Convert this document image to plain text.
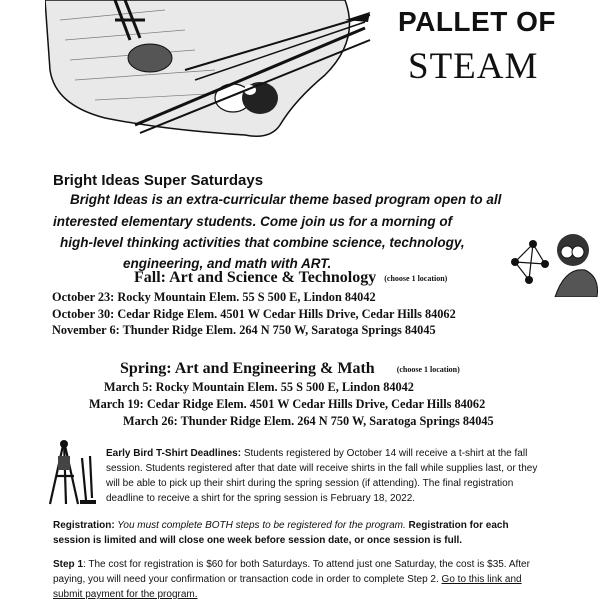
PALLET OF
STEAM
Bright Ideas Super Saturdays
Bright Ideas is an extra-curricular theme based program open to all
interested elementary students. Come join us for a morning of
high-level thinking activities that combine science, technology,
engineering, and math with ART.
Fall: Art and Science & Technology (choose 1 location)
October 23: Rocky Mountain Elem. 55 S 500 E, Lindon 84042
October 30: Cedar Ridge Elem. 4501 W Cedar Hills Drive, Cedar Hills 84062
November 6: Thunder Ridge Elem. 264 N 750 W, Saratoga Springs 84045
Spring: Art and Engineering & Math	(choose 1 location)
March 5: Rocky Mountain Elem. 55 S 500 E, Lindon 84042
March 19: Cedar Ridge Elem. 4501 W Cedar Hills Drive, Cedar Hills 84062
March 26: Thunder Ridge Elem. 264 N 750 W, Saratoga Springs 84045
Early Bird T-Shirt Deadlines: Students registered by October 14 will receive a t-shirt at the fall
session. Students registered after that date will receive shirts in the fall while supplies last, or they
will be able to pick up their shirt during the spring session (if attending). The final registration
deadline to receive a shirt for the spring session is February 18, 2022.
Registration: You must complete BOTH steps to be registered for the program. Registration for each
session is limited and will close one week before session date, or once session is full.
Step 1: The cost for registration is $60 for both Saturdays. To attend just one Saturday, the cost is $35. After
paying, you will need your confirmation or transaction code in order to complete Step 2. Go to this link and
submit payment for the program.
